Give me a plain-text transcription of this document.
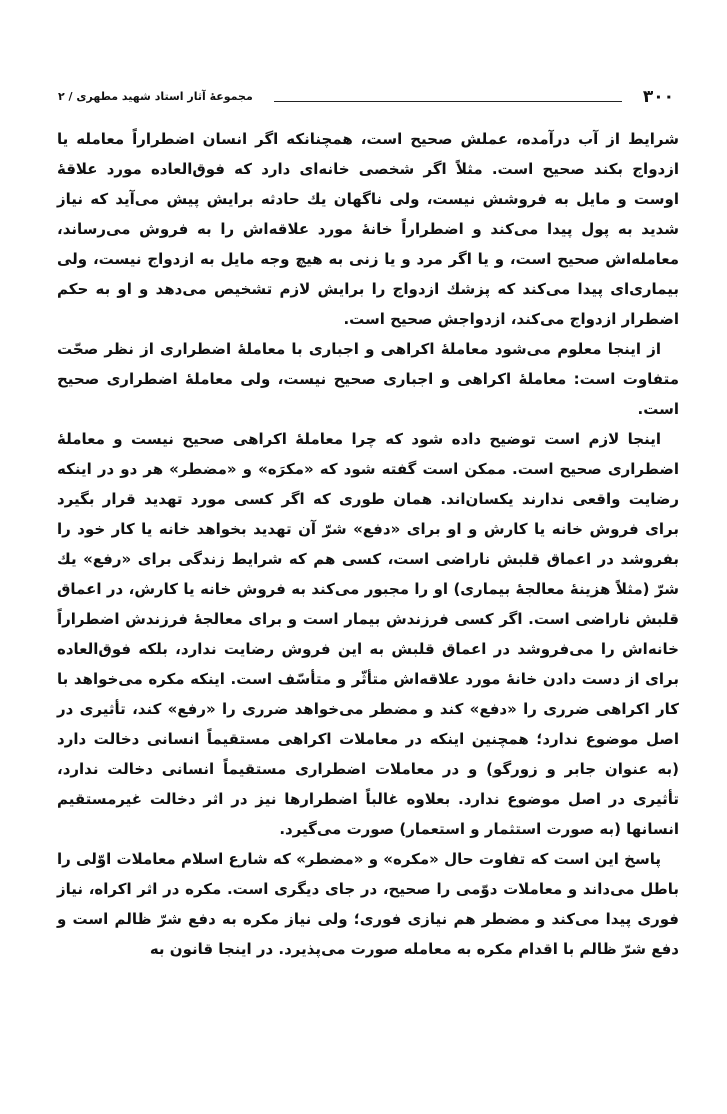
۳۰۰
مجموعهٔ آثار استاد شهید مطهری / ۲

شرایط از آب درآمده، عملش صحیح است، همچنانکه اگر انسان اضطراراً معامله یا ازدواج بکند صحیح است. مثلاً اگر شخصی خانه‌ای دارد که فوق‌العاده مورد علاقهٔ اوست و مایل به فروشش نیست، ولی ناگهان یك حادثه برایش پیش می‌آید که نیاز شدید به پول پیدا می‌کند و اضطراراً خانهٔ مورد علاقه‌اش را به فروش می‌رساند، معامله‌اش صحیح است، و یا اگر مرد و یا زنی به هیچ وجه مایل به ازدواج نیست، ولی بیماری‌ای پیدا می‌کند که پزشك ازدواج را برایش لازم تشخیص می‌دهد و او به حکم اضطرار ازدواج می‌کند، ازدواجش صحیح است.

از اینجا معلوم می‌شود معاملهٔ اکراهی و اجباری با معاملهٔ اضطراری از نظر صحّت متفاوت است: معاملهٔ اکراهی و اجباری صحیح نیست، ولی معاملهٔ اضطراری صحیح است.

اینجا لازم است توضیح داده شود که چرا معاملهٔ اکراهی صحیح نیست و معاملهٔ اضطراری صحیح است. ممکن است گفته شود که «مکرَه» و «مضطر» هر دو در اینکه رضایت واقعی ندارند یکسان‌اند. همان طوری که اگر کسی مورد تهدید قرار بگیرد برای فروش خانه یا کارش و او برای «دفع» شرّ آن تهدید بخواهد خانه یا کار خود را بفروشد در اعماق قلبش ناراضی است، کسی هم که شرایط زندگی برای «رفع» یك شرّ (مثلاً هزینهٔ معالجهٔ بیماری) او را مجبور می‌کند به فروش خانه یا کارش، در اعماق قلبش ناراضی است. اگر کسی فرزندش بیمار است و برای معالجهٔ فرزندش اضطراراً خانه‌اش را می‌فروشد در اعماق قلبش به این فروش رضایت ندارد، بلکه فوق‌العاده برای از دست دادن خانهٔ مورد علاقه‌اش متأثّر و متأسّف است. اینکه مکره می‌خواهد با کار اکراهی ضرری را «دفع» کند و مضطر می‌خواهد ضرری را «رفع» کند، تأثیری در اصل موضوع ندارد؛ همچنین اینکه در معاملات اکراهی مستقیماً انسانی دخالت دارد (به عنوان جابر و زورگو) و در معاملات اضطراری مستقیماً انسانی دخالت ندارد، تأثیری در اصل موضوع ندارد. بعلاوه غالباً اضطرارها نیز در اثر دخالت غیرمستقیم انسانها (به صورت استثمار و استعمار) صورت می‌گیرد.

پاسخ این است که تفاوت حال «مکره» و «مضطر» که شارع اسلام معاملات اوّلی را باطل می‌داند و معاملات دوّمی را صحیح، در جای دیگری است. مکره در اثر اکراه، نیاز فوری پیدا می‌کند و مضطر هم نیازی فوری؛ ولی نیاز مکره به دفع شرّ ظالم است و دفع شرّ ظالم با اقدام مکره به معامله صورت می‌پذیرد. در اینجا قانون به
